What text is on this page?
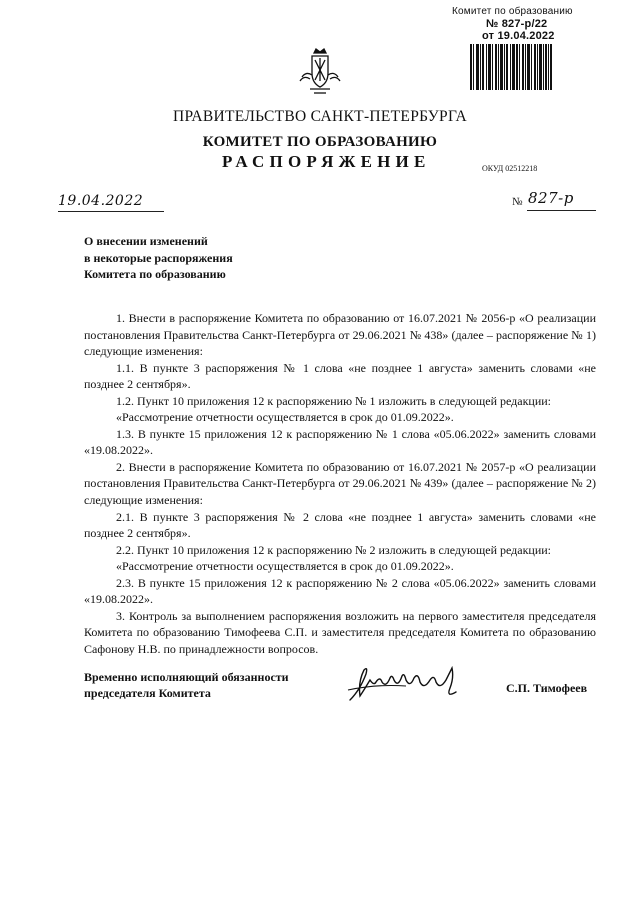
Комитет по образованию
№ 827-р/22
от 19.04.2022
ПРАВИТЕЛЬСТВО САНКТ-ПЕТЕРБУРГА
КОМИТЕТ ПО ОБРАЗОВАНИЮ
РАСПОРЯЖЕНИЕ	ОКУД 02512218
19.04.2022	№ 827-р
О внесении изменений
в некоторые распоряжения
Комитета по образованию

1. Внести в распоряжение Комитета по образованию от 16.07.2021 № 2056-р «О реализации постановления Правительства Санкт-Петербурга от 29.06.2021 № 438» (далее – распоряжение № 1) следующие изменения:

1.1. В пункте 3 распоряжения № 1 слова «не позднее 1 августа» заменить словами «не позднее 2 сентября».

1.2. Пункт 10 приложения 12 к распоряжению № 1 изложить в следующей редакции:

«Рассмотрение отчетности осуществляется в срок до 01.09.2022».

1.3. В пункте 15 приложения 12 к распоряжению № 1 слова «05.06.2022» заменить словами «19.08.2022».

2. Внести в распоряжение Комитета по образованию от 16.07.2021 № 2057-р «О реализации постановления Правительства Санкт-Петербурга от 29.06.2021 № 439» (далее – распоряжение № 2) следующие изменения:

2.1. В пункте 3 распоряжения № 2 слова «не позднее 1 августа» заменить словами «не позднее 2 сентября».

2.2. Пункт 10 приложения 12 к распоряжению № 2 изложить в следующей редакции:

«Рассмотрение отчетности осуществляется в срок до 01.09.2022».

2.3. В пункте 15 приложения 12 к распоряжению № 2 слова «05.06.2022» заменить словами «19.08.2022».

3. Контроль за выполнением распоряжения возложить на первого заместителя председателя Комитета по образованию Тимофеева С.П. и заместителя председателя Комитета по образованию Сафонову Н.В. по принадлежности вопросов.

Временно исполняющий обязанности
председателя Комитета	С.П. Тимофеев
